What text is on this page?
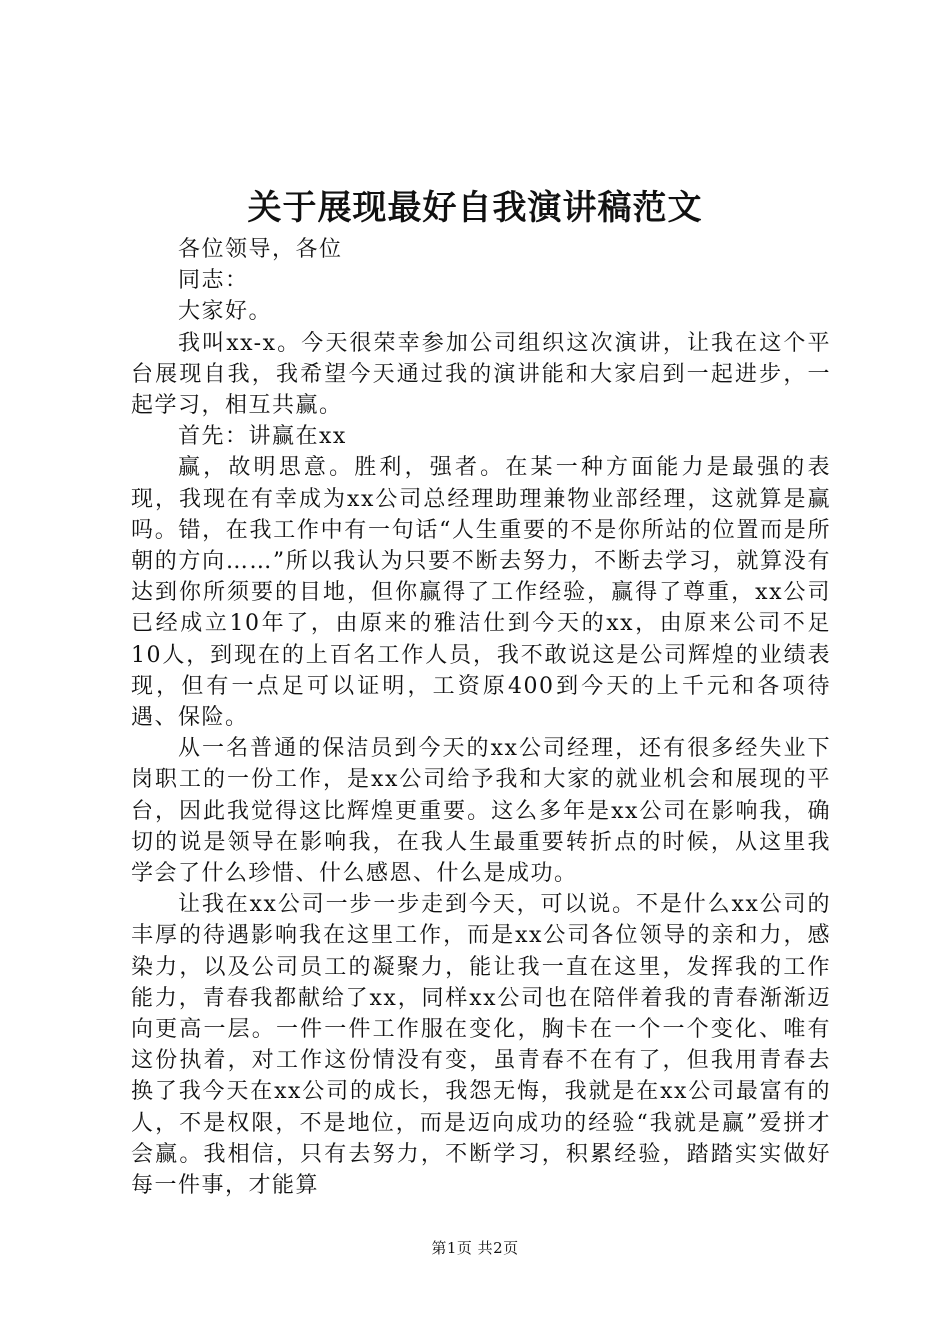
关于展现最好自我演讲稿范文

各位领导，各位

同志：

大家好。

我叫xx-x。今天很荣幸参加公司组织这次演讲，让我在这个平台展现自我，我希望今天通过我的演讲能和大家启到一起进步，一起学习，相互共赢。

首先：讲赢在xx

赢，故明思意。胜利，强者。在某一种方面能力是最强的表现，我现在有幸成为xx公司总经理助理兼物业部经理，这就算是赢吗。错，在我工作中有一句话“人生重要的不是你所站的位置而是所朝的方向……”所以我认为只要不断去努力，不断去学习，就算没有达到你所须要的目地，但你赢得了工作经验，赢得了尊重，xx公司已经成立10年了，由原来的雅洁仕到今天的xx，由原来公司不足10人，到现在的上百名工作人员，我不敢说这是公司辉煌的业绩表现，但有一点足可以证明，工资原400到今天的上千元和各项待遇、保险。

从一名普通的保洁员到今天的xx公司经理，还有很多经失业下岗职工的一份工作，是xx公司给予我和大家的就业机会和展现的平台，因此我觉得这比辉煌更重要。这么多年是xx公司在影响我，确切的说是领导在影响我，在我人生最重要转折点的时候，从这里我学会了什么珍惜、什么感恩、什么是成功。

让我在xx公司一步一步走到今天，可以说。不是什么xx公司的丰厚的待遇影响我在这里工作，而是xx公司各位领导的亲和力，感染力，以及公司员工的凝聚力，能让我一直在这里，发挥我的工作能力，青春我都献给了xx，同样xx公司也在陪伴着我的青春渐渐迈向更高一层。一件一件工作服在变化，胸卡在一个一个变化、唯有这份执着，对工作这份情没有变，虽青春不在有了，但我用青春去换了我今天在xx公司的成长，我怨无悔，我就是在xx公司最富有的人，不是权限，不是地位，而是迈向成功的经验“我就是赢”爱拼才会赢。我相信，只有去努力，不断学习，积累经验，踏踏实实做好每一件事，才能算

第1页 共2页
